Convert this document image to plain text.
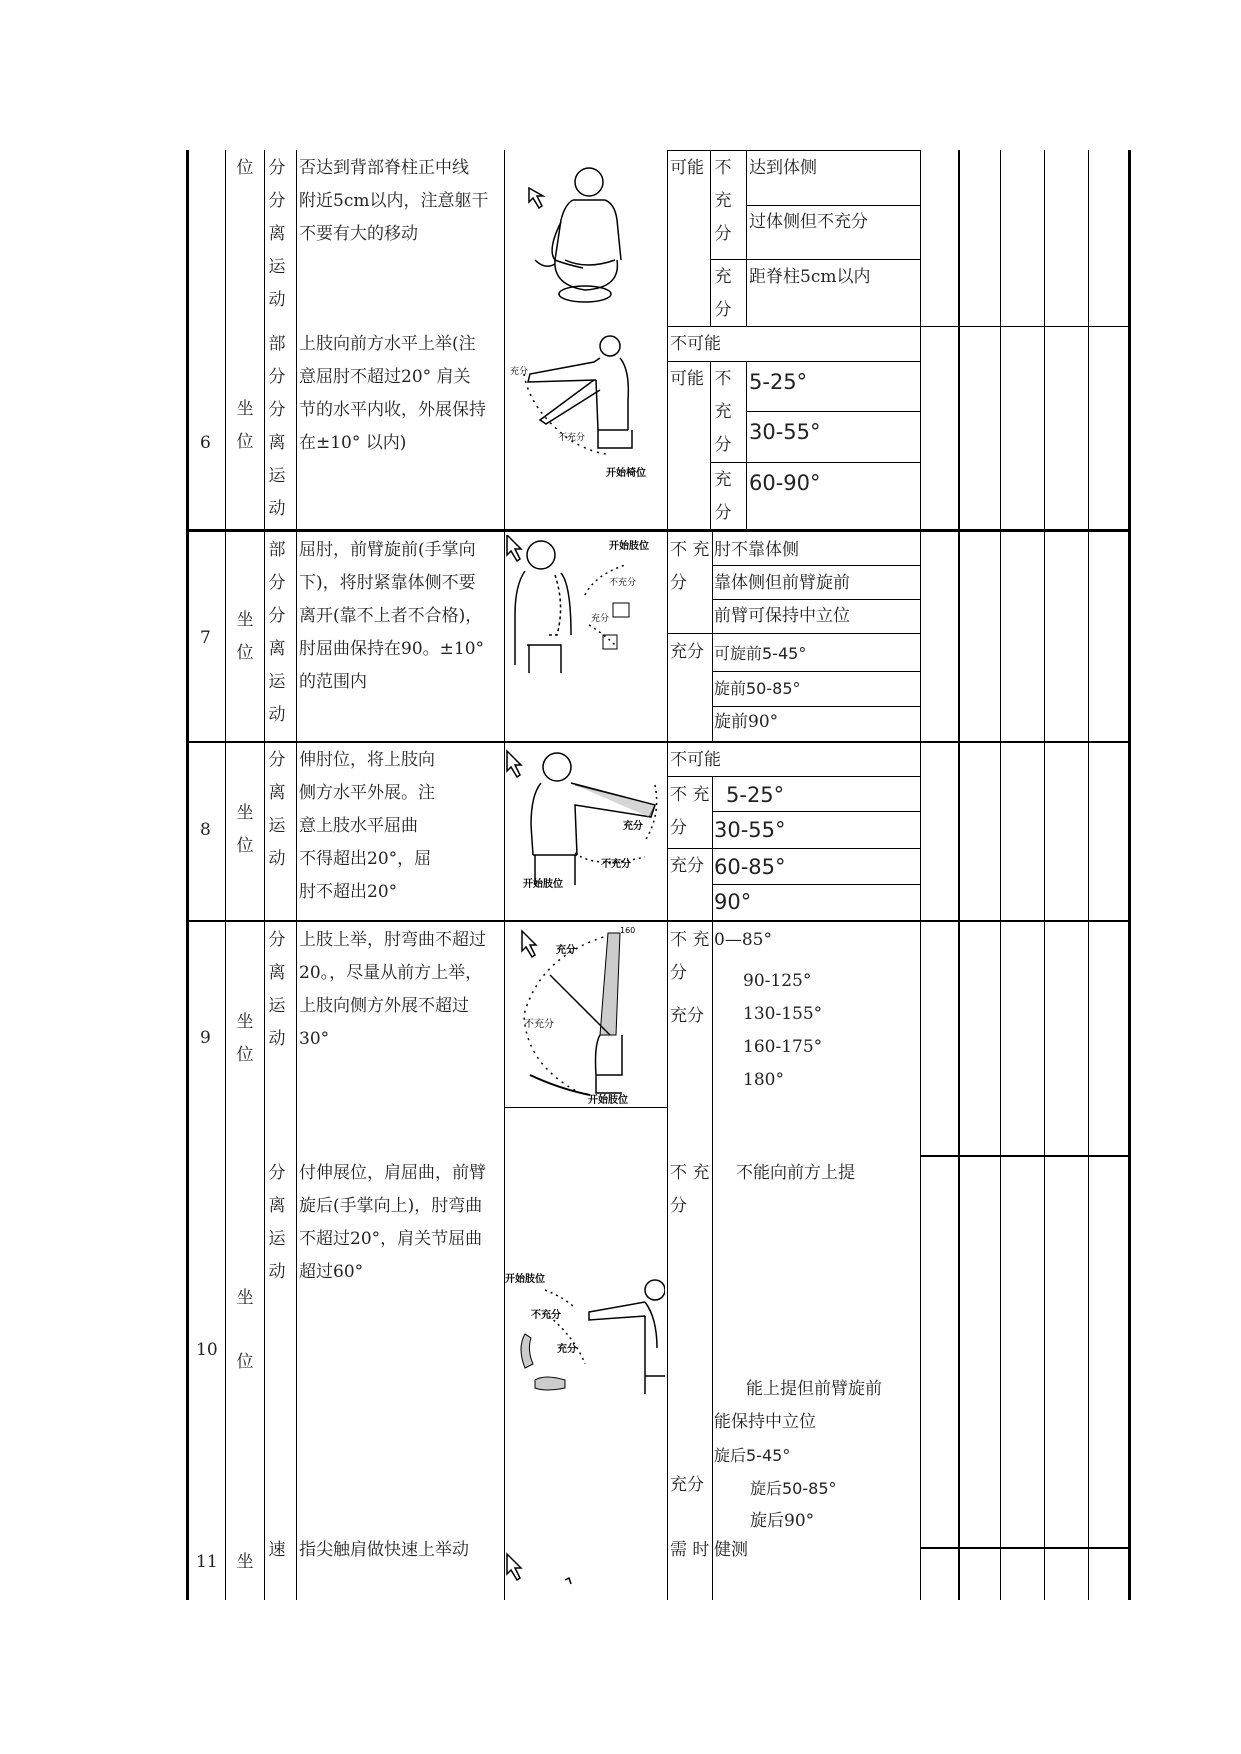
位 分分离运动
否达到背部脊柱正中线
附近5cm以内，注意躯干
不要有大的移动
可能 不充分
充分
达到体侧
过体侧但不充分
距脊柱5cm以内
6
坐位
部分分离运动
上肢向前方水平上举(注
意屈肘不超过20° 肩关
节的水平内收，外展保持
在±10° 以内)
充分
不充分
开始椅位
不可能
可能 不充分
充分
5-25°
30-55°
60-90°
7
坐位
部分分离运动
屈肘，前臂旋前(手掌向
下)，将肘紧靠体侧不要
离开(靠不上者不合格)，
肘屈曲保持在90。±10°
的范围内
开始肢位
不充分
充分
不 充
分
充分
肘不靠体侧
靠体侧但前臂旋前
前臂可保持中立位
可旋前5-45°
旋前50-85°
旋前90°
8
坐位
分离运动
伸肘位，将上肢向
侧方水平外展。注
意上肢水平屈曲
不得超出20°，屈
肘不超出20°
不充分
充分
开始肢位
不可能
不 充
分
充分
5-25°
30-55°
60-85°
90°
9
坐位
分离运动
上肢上举，肘弯曲不超过
20。，尽量从前方上举，
上肢向侧方外展不超过
30°
充分
不充分
开始肢位
160 不 充
分
充分
0—85°
90-125°
130-155°
160-175°
180°
10
坐
位
分离运动
付伸展位，肩屈曲，前臂
旋后(手掌向上)，肘弯曲
不超过20°，肩关节屈曲
超过60°	开始肢位
不充分
充分
不 充
分
充分
不能向前方上提
能上提但前臂旋前
能保持中立位
旋后5-45°
旋后50-85°
旋后90°
11 坐
速 指尖触肩做快速上举动	需 时 健测
